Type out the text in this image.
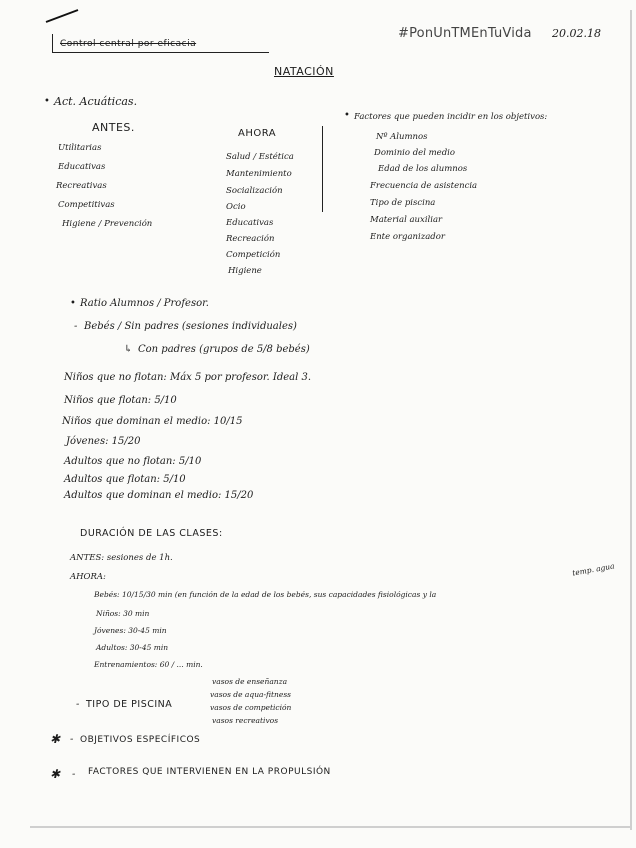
#PonUnTMEnTuVida 20.02.18
Control central por eficacia
NATACIÓN
• Act. Acuáticas.
ANTES.	AHORA
Utilitarias
Educativas
Recreativas
Competitivas
Higiene / Prevención
Salud / Estética
Mantenimiento
Socialización
Ocio
Educativas
Recreación
Competición
Higiene
• Factores que pueden incidir en los objetivos:
Nº Alumnos
Dominio del medio
Edad de los alumnos
Frecuencia de asistencia
Tipo de piscina
Material auxiliar
Ente organizador
• Ratio Alumnos / Profesor.
- Bebés / Sin padres (sesiones individuales)
↳ Con padres (grupos de 5/8 bebés)
Niños que no flotan: Máx 5 por profesor. Ideal 3.
Niños que flotan: 5/10
Niños que dominan el medio: 10/15
Jóvenes: 15/20
Adultos que no flotan: 5/10
Adultos que flotan: 5/10
Adultos que dominan el medio: 15/20
DURACIÓN DE LAS CLASES:
ANTES: sesiones de 1h.
AHORA:	temp. agua
Bebés: 10/15/30 min (en función de la edad de los bebés, sus capacidades fisiológicas y la
Niños: 30 min
Jóvenes: 30-45 min
Adultos: 30-45 min
Entrenamientos: 60 / ... min.
- TIPO DE PISCINA
vasos de enseñanza
vasos de aqua-fitness
vasos de competición
vasos recreativos
✱ - OBJETIVOS ESPECÍFICOS
✱ - FACTORES QUE INTERVIENEN EN LA PROPULSIÓN
